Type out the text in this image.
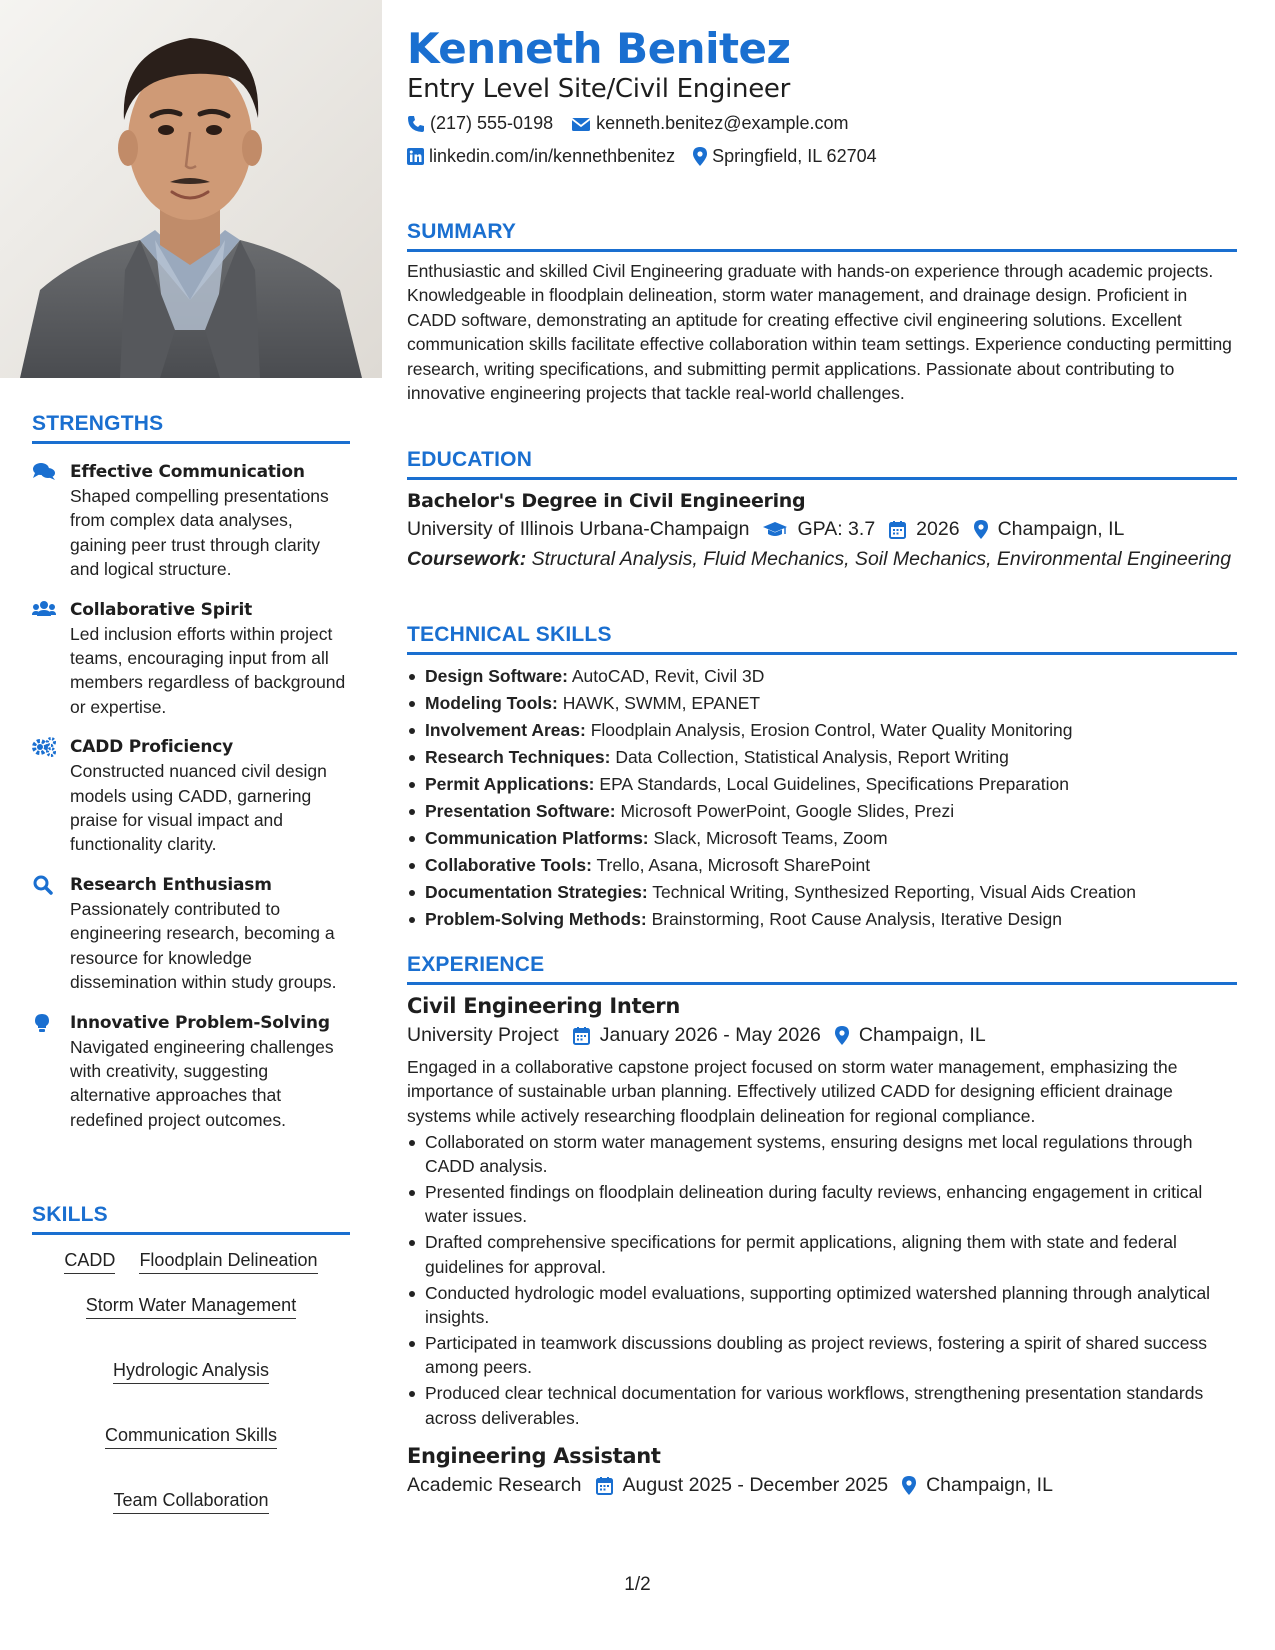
STRENGTHS
Effective Communication
Shaped compelling presentations from complex data analyses, gaining peer trust through clarity and logical structure.
Collaborative Spirit
Led inclusion efforts within project teams, encouraging input from all members regardless of background or expertise.
CADD Proficiency
Constructed nuanced civil design models using CADD, garnering praise for visual impact and functionality clarity.
Research Enthusiasm
Passionately contributed to engineering research, becoming a resource for knowledge dissemination within study groups.
Innovative Problem-Solving
Navigated engineering challenges with creativity, suggesting alternative approaches that redefined project outcomes.
SKILLS
CADD Floodplain Delineation
Storm Water Management
Hydrologic Analysis
Communication Skills
Team Collaboration
Kenneth Benitez
Entry Level Site/Civil Engineer
(217) 555-0198 kenneth.benitez@example.com
linkedin.com/in/kennethbenitez Springfield, IL 62704
SUMMARY

Enthusiastic and skilled Civil Engineering graduate with hands-on experience through academic projects. Knowledgeable in floodplain delineation, storm water management, and drainage design. Proficient in CADD software, demonstrating an aptitude for creating effective civil engineering solutions. Excellent communication skills facilitate effective collaboration within team settings. Experience conducting permitting research, writing specifications, and submitting permit applications. Passionate about contributing to innovative engineering projects that tackle real-world challenges.

EDUCATION
Bachelor's Degree in Civil Engineering
University of Illinois Urbana-Champaign GPA: 3.7 2026 Champaign, IL
Coursework: Structural Analysis, Fluid Mechanics, Soil Mechanics, Environmental Engineering
TECHNICAL SKILLS
Design Software: AutoCAD, Revit, Civil 3D
Modeling Tools: HAWK, SWMM, EPANET
Involvement Areas: Floodplain Analysis, Erosion Control, Water Quality Monitoring
Research Techniques: Data Collection, Statistical Analysis, Report Writing
Permit Applications: EPA Standards, Local Guidelines, Specifications Preparation
Presentation Software: Microsoft PowerPoint, Google Slides, Prezi
Communication Platforms: Slack, Microsoft Teams, Zoom
Collaborative Tools: Trello, Asana, Microsoft SharePoint
Documentation Strategies: Technical Writing, Synthesized Reporting, Visual Aids Creation
Problem-Solving Methods: Brainstorming, Root Cause Analysis, Iterative Design
EXPERIENCE
Civil Engineering Intern
University Project January 2026 - May 2026 Champaign, IL
Engaged in a collaborative capstone project focused on storm water management, emphasizing the importance of sustainable urban planning. Effectively utilized CADD for designing efficient drainage systems while actively researching floodplain delineation for regional compliance.
Collaborated on storm water management systems, ensuring designs met local regulations through CADD analysis.
Presented findings on floodplain delineation during faculty reviews, enhancing engagement in critical water issues.
Drafted comprehensive specifications for permit applications, aligning them with state and federal guidelines for approval.
Conducted hydrologic model evaluations, supporting optimized watershed planning through analytical insights.
Participated in teamwork discussions doubling as project reviews, fostering a spirit of shared success among peers.
Produced clear technical documentation for various workflows, strengthening presentation standards across deliverables.
Engineering Assistant
Academic Research August 2025 - December 2025 Champaign, IL
1/2
